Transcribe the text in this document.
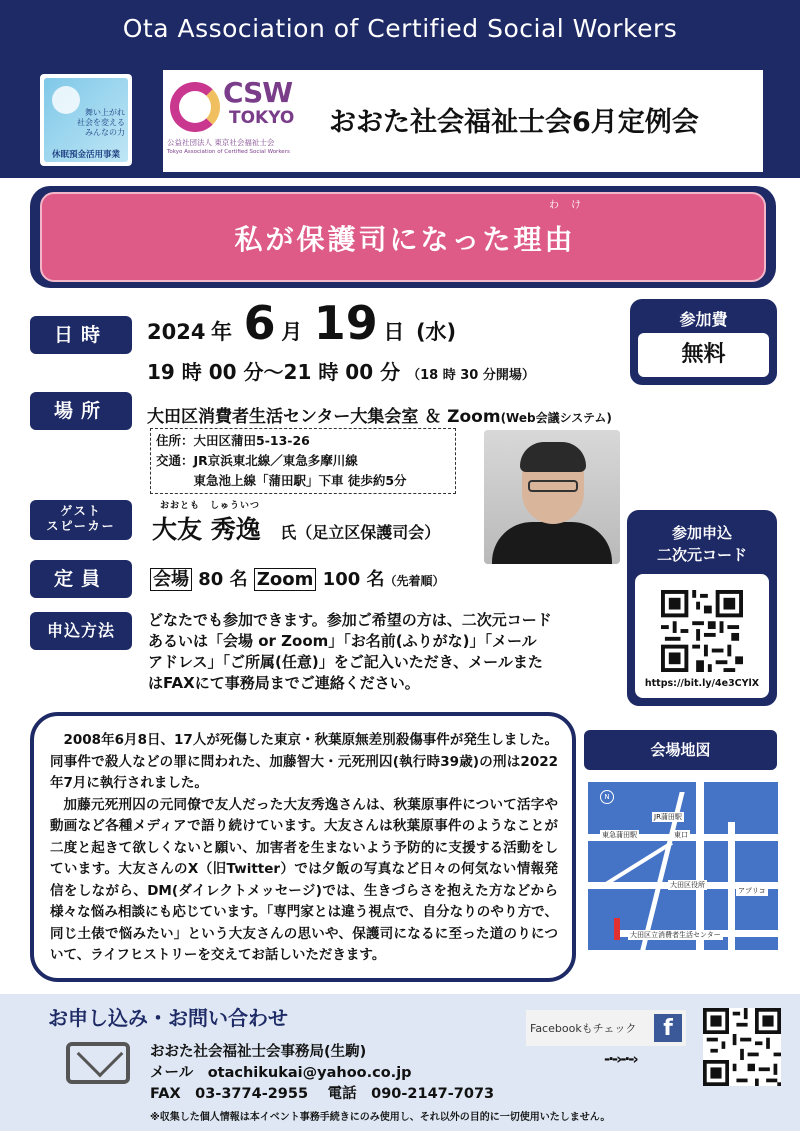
Ota Association of Certified Social Workers
舞い上がれ
社会を変える
みんなの力
休眠預金活用事業
CSW
TOKYO
公益社団法人 東京社会福祉士会
Tokyo Association of Certified Social Workers
おおた社会福祉士会6月定例会
わけ
私が保護司になった理由
日時	2024 年 6 月 19 日 (水)
19 時 00 分～21 時 00 分 （18 時 30 分開場）
参加費
無料
場所	大田区消費者生活センター大集会室 ＆ Zoom(Web会議システム)
住所：大田区蒲田5-13-26
交通：JR京浜東北線／東急多摩川線
　　　東急池上線「蒲田駅」下車 徒歩約5分
ゲスト
スピーカー
おおとも　しゅういつ
大友 秀逸 氏（足立区保護司会）
定員	会場 80 名 Zoom 100 名（先着順）
申込方法
どなたでも参加できます。参加ご希望の方は、二次元コード
あるいは「会場 or Zoom」「お名前(ふりがな)」「メール
アドレス」「ご所属(任意)」をご記入いただき、メールまた
はFAXにて事務局までご連絡ください。
参加申込
二次元コード
https://bit.ly/4e3CYlX

2008年6月8日、17人が死傷した東京・秋葉原無差別殺傷事件が発生しました。同事件で殺人などの罪に問われた、加藤智大・元死刑囚(執行時39歳)の刑は2022年7月に執行されました。

加藤元死刑囚の元同僚で友人だった大友秀逸さんは、秋葉原事件について活字や動画など各種メディアで語り続けています。大友さんは秋葉原事件のようなことが二度と起きて欲しくないと願い、加害者を生まないよう予防的に支援する活動をしています。大友さんのX（旧Twitter）では夕飯の写真など日々の何気ない情報発信をしながら、DM(ダイレクトメッセージ)では、生きづらさを抱えた方などから様々な悩み相談にも応じています。「専門家とは違う視点で、自分なりのやり方で、同じ土俵で悩みたい」という大友さんの思いや、保護司になるに至った道のりについて、ライフヒストリーを交えてお話しいただきます。

会場地図
N
JR蒲田駅
東急蒲田駅	東口
大田区役所
アプリコ
大田区立消費者生活センター
お申し込み・お問い合わせ
おおた社会福祉士会事務局(生駒)
メール　otachikukai@yahoo.co.jp
FAX　03-3774-2955　 電話　090-2147-7073
※収集した個人情報は本イベント事務手続きにのみ使用し、それ以外の目的に一切使用いたしません。
Facebookもチェック	f
-·-›-·-›
